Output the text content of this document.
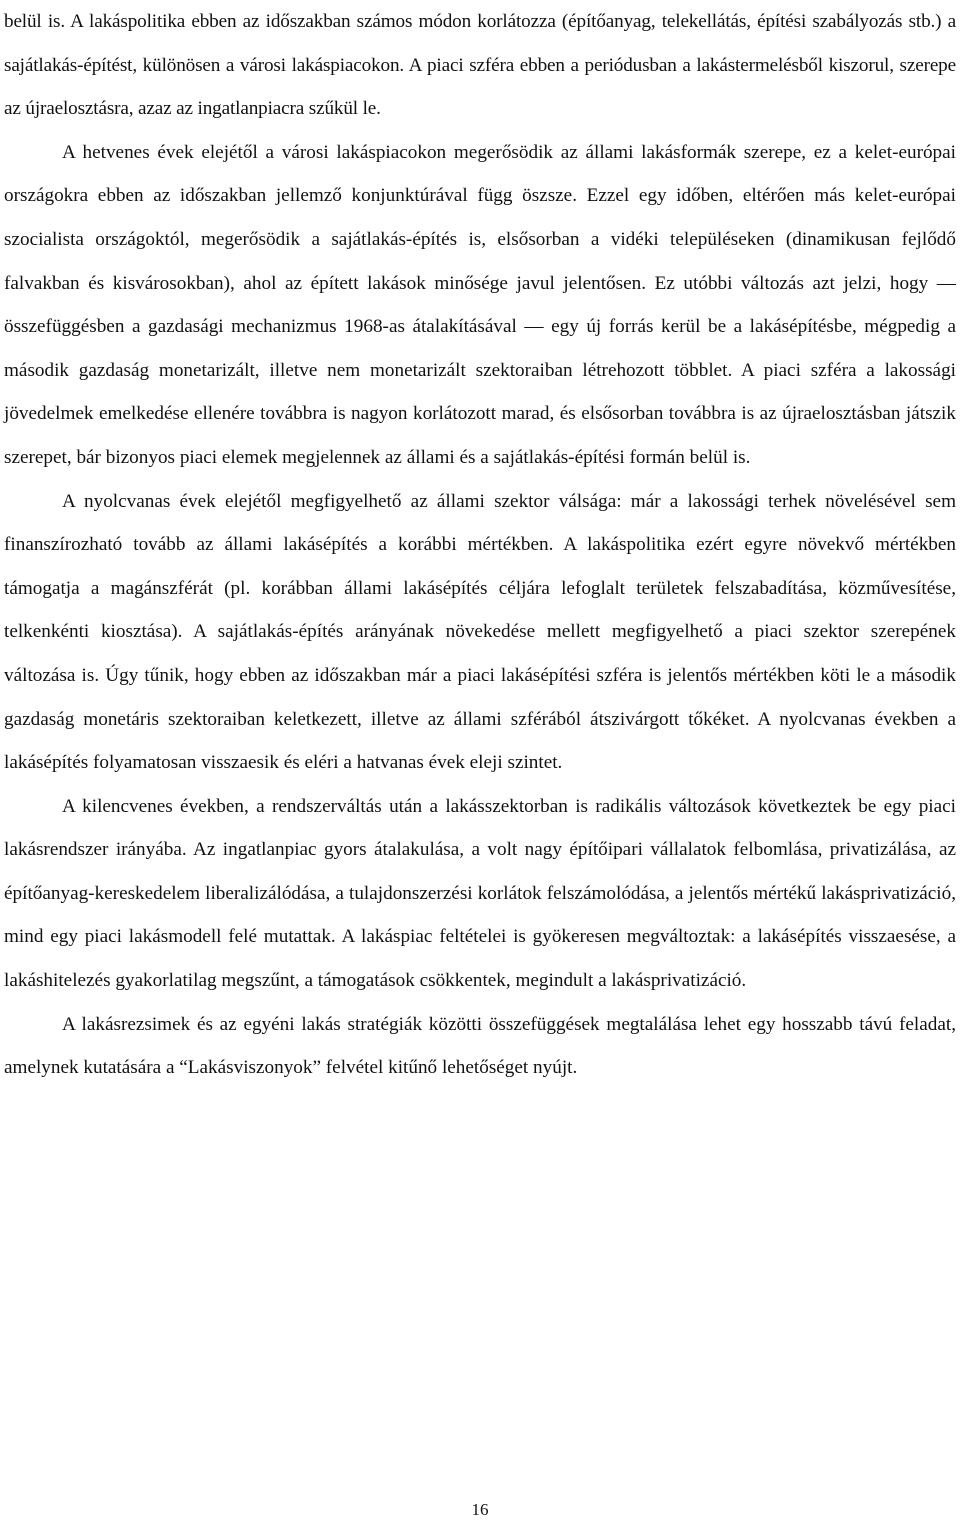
belül is. A lakáspolitika ebben az időszakban számos módon korlátozza (építőanyag, telekellátás, építési szabályozás stb.) a sajátlakás-építést, különösen a városi lakáspiacokon. A piaci szféra ebben a periódusban a lakástermelésből kiszorul, szerepe az újraelosztásra, azaz az ingatlanpiacra szűkül le.

A hetvenes évek elejétől a városi lakáspiacokon megerősödik az állami lakásformák szerepe, ez a kelet-európai országokra ebben az időszakban jellemző konjunktúrával függ öszsze. Ezzel egy időben, eltérően más kelet-európai szocialista országoktól, megerősödik a sajátlakás-építés is, elsősorban a vidéki településeken (dinamikusan fejlődő falvakban és kisvárosokban), ahol az épített lakások minősége javul jelentősen. Ez utóbbi változás azt jelzi, hogy — összefüggésben a gazdasági mechanizmus 1968-as átalakításával — egy új forrás kerül be a lakásépítésbe, mégpedig a második gazdaság monetarizált, illetve nem monetarizált szektoraiban létrehozott többlet. A piaci szféra a lakossági jövedelmek emelkedése ellenére továbbra is nagyon korlátozott marad, és elsősorban továbbra is az újraelosztásban játszik szerepet, bár bizonyos piaci elemek megjelennek az állami és a sajátlakás-építési formán belül is.

A nyolcvanas évek elejétől megfigyelhető az állami szektor válsága: már a lakossági terhek növelésével sem finanszírozható tovább az állami lakásépítés a korábbi mértékben. A lakáspolitika ezért egyre növekvő mértékben támogatja a magánszférát (pl. korábban állami lakásépítés céljára lefoglalt területek felszabadítása, közművesítése, telkenkénti kiosztása). A sajátlakás-építés arányának növekedése mellett megfigyelhető a piaci szektor szerepének változása is. Úgy tűnik, hogy ebben az időszakban már a piaci lakásépítési szféra is jelentős mértékben köti le a második gazdaság monetáris szektoraiban keletkezett, illetve az állami szférából átszivárgott tőkéket. A nyolcvanas években a lakásépítés folyamatosan visszaesik és eléri a hatvanas évek eleji szintet.

A kilencvenes években, a rendszerváltás után a lakásszektorban is radikális változások következtek be egy piaci lakásrendszer irányába. Az ingatlanpiac gyors átalakulása, a volt nagy építőipari vállalatok felbomlása, privatizálása, az építőanyag-kereskedelem liberalizálódása, a tulajdonszerzési korlátok felszámolódása, a jelentős mértékű lakásprivatizáció, mind egy piaci lakásmodell felé mutattak. A lakáspiac feltételei is gyökeresen megváltoztak: a lakásépítés visszaesése, a lakáshitelezés gyakorlatilag megszűnt, a támogatások csökkentek, megindult a lakásprivatizáció.

A lakásrezsimek és az egyéni lakás stratégiák közötti összefüggések megtalálása lehet egy hosszabb távú feladat, amelynek kutatására a “Lakásviszonyok” felvétel kitűnő lehetőséget nyújt.

16
